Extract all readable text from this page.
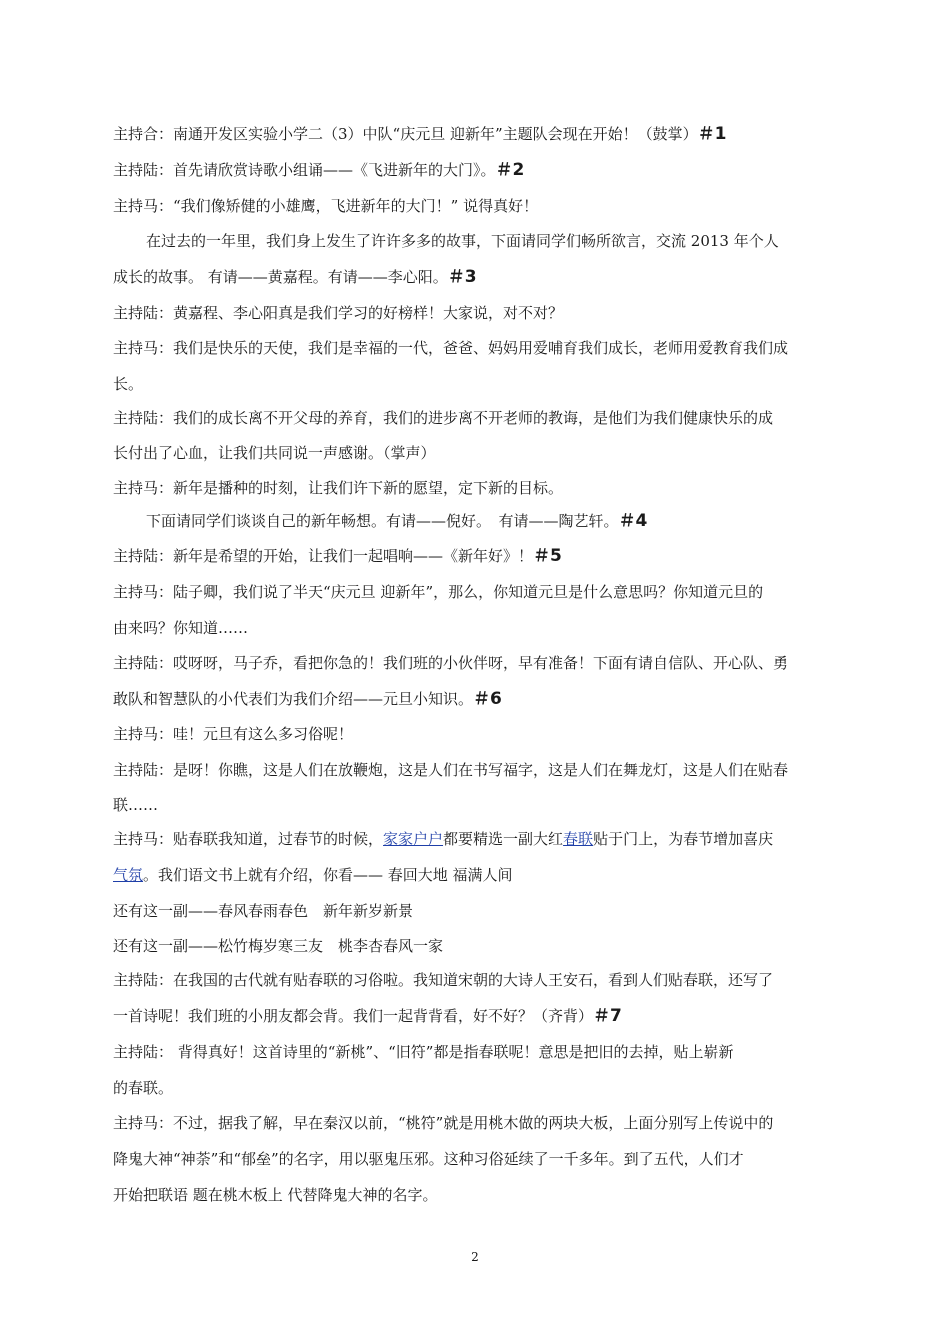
主持合：南通开发区实验小学二（3）中队“庆元旦 迎新年”主题队会现在开始！（鼓掌）＃1
主持陆：首先请欣赏诗歌小组诵——《飞进新年的大门》。＃2
主持马：“我们像矫健的小雄鹰，飞进新年的大门！” 说得真好！
在过去的一年里，我们身上发生了许许多多的故事，下面请同学们畅所欲言，交流 2013 年个人
成长的故事。 有请——黄嘉程。有请——李心阳。＃3
主持陆：黄嘉程、李心阳真是我们学习的好榜样！大家说，对不对？
主持马：我们是快乐的天使，我们是幸福的一代，爸爸、妈妈用爱哺育我们成长，老师用爱教育我们成
长。
主持陆：我们的成长离不开父母的养育，我们的进步离不开老师的教诲，是他们为我们健康快乐的成
长付出了心血，让我们共同说一声感谢。（掌声）
主持马：新年是播种的时刻，让我们许下新的愿望，定下新的目标。
下面请同学们谈谈自己的新年畅想。有请——倪好。　有请——陶艺轩。＃4
主持陆：新年是希望的开始，让我们一起唱响——《新年好》！＃5
主持马：陆子卿，我们说了半天“庆元旦 迎新年”，那么，你知道元旦是什么意思吗？你知道元旦的
由来吗？你知道……
主持陆：哎呀呀，马子乔，看把你急的！我们班的小伙伴呀，早有准备！下面有请自信队、开心队、勇
敢队和智慧队的小代表们为我们介绍——元旦小知识。＃6
主持马：哇！元旦有这么多习俗呢！
主持陆：是呀！你瞧，这是人们在放鞭炮，这是人们在书写福字，这是人们在舞龙灯，这是人们在贴春
联……
主持马：贴春联我知道，过春节的时候，家家户户都要精选一副大红春联贴于门上，为春节增加喜庆
气氛。我们语文书上就有介绍，你看—— 春回大地 福满人间
还有这一副——春风春雨春色　新年新岁新景
还有这一副——松竹梅岁寒三友　桃李杏春风一家
主持陆：在我国的古代就有贴春联的习俗啦。我知道宋朝的大诗人王安石，看到人们贴春联，还写了
一首诗呢！我们班的小朋友都会背。我们一起背背看，好不好？（齐背）＃7
主持陆： 背得真好！这首诗里的“新桃”、“旧符”都是指春联呢！意思是把旧的去掉，贴上崭新
的春联。
主持马：不过，据我了解，早在秦汉以前，“桃符”就是用桃木做的两块大板，上面分别写上传说中的
降鬼大神“神荼”和“郁垒”的名字，用以驱鬼压邪。这种习俗延续了一千多年。到了五代，人们才
开始把联语 题在桃木板上 代替降鬼大神的名字。
2
